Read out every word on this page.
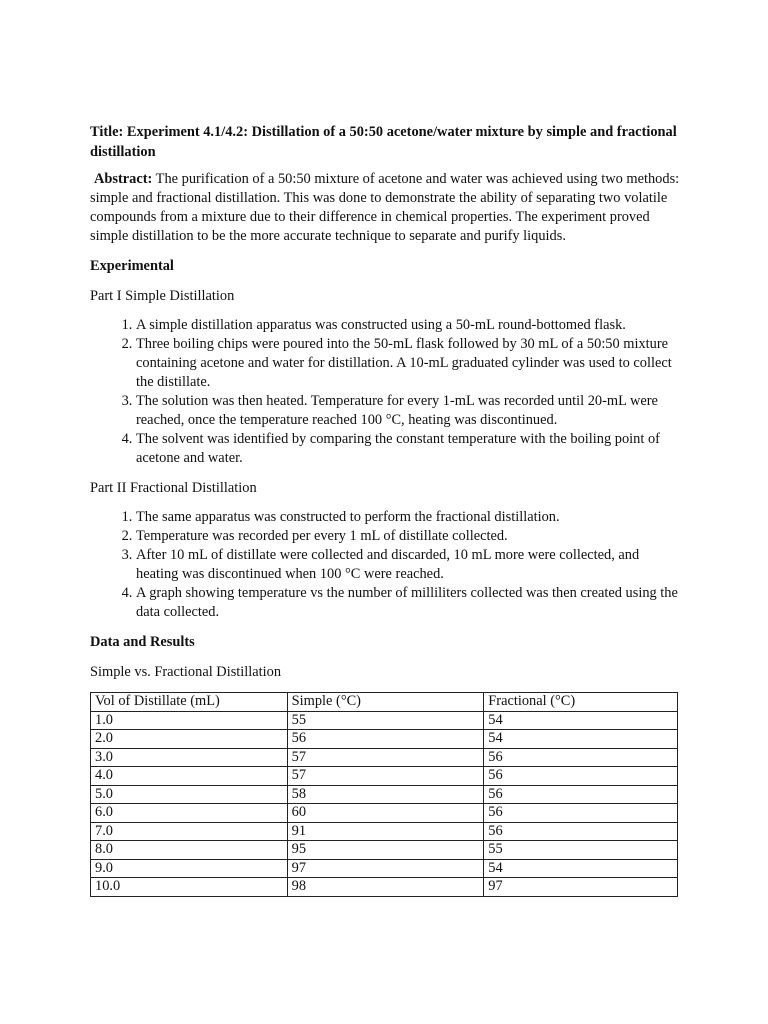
Title: Experiment 4.1/4.2: Distillation of a 50:50 acetone/water mixture by simple and fractional distillation

Abstract: The purification of a 50:50 mixture of acetone and water was achieved using two methods: simple and fractional distillation. This was done to demonstrate the ability of separating two volatile compounds from a mixture due to their difference in chemical properties. The experiment proved simple distillation to be the more accurate technique to separate and purify liquids.

Experimental

Part I Simple Distillation

1. A simple distillation apparatus was constructed using a 50-mL round-bottomed flask.
2. Three boiling chips were poured into the 50-mL flask followed by 30 mL of a 50:50 mixture containing acetone and water for distillation. A 10-mL graduated cylinder was used to collect the distillate.
3. The solution was then heated. Temperature for every 1-mL was recorded until 20-mL were reached, once the temperature reached 100 °C, heating was discontinued.
4. The solvent was identified by comparing the constant temperature with the boiling point of acetone and water.

Part II Fractional Distillation

1. The same apparatus was constructed to perform the fractional distillation.
2. Temperature was recorded per every 1 mL of distillate collected.
3. After 10 mL of distillate were collected and discarded, 10 mL more were collected, and heating was discontinued when 100 °C were reached.
4. A graph showing temperature vs the number of milliliters collected was then created using the data collected.

Data and Results

Simple vs. Fractional Distillation

Vol of Distillate (mL)	Simple (°C)	Fractional (°C)
1.0	55	54
2.0	56	54
3.0	57	56
4.0	57	56
5.0	58	56
6.0	60	56
7.0	91	56
8.0	95	55
9.0	97	54
10.0	98	97
